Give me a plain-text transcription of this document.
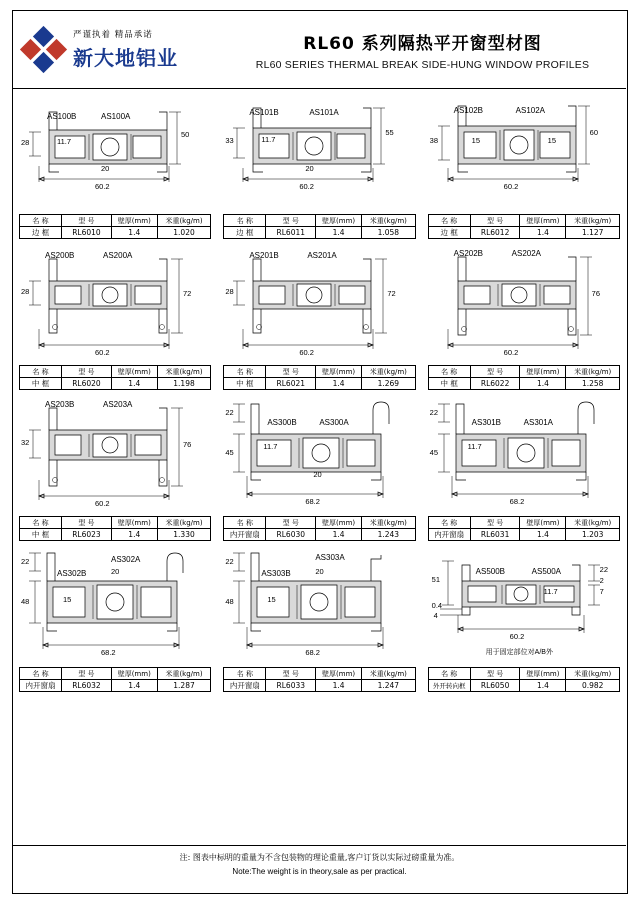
严谨执着 精品承诺
新大地铝业
RL60 系列隔热平开窗型材图
RL60 SERIES THERMAL BREAK SIDE-HUNG WINDOW PROFILES
AS100B	AS100A
28	11.7
20
50
60.2
名 称	型 号	壁厚(mm)	米重(kg/m)
边 框	RL6010	1.4	1.020
AS101B	AS101A
33	11.7
20
55
60.2
名 称	型 号	壁厚(mm)	米重(kg/m)
边 框	RL6011	1.4	1.058
AS102B	AS102A
38	15	15
60
60.2
名 称	型 号	壁厚(mm)	米重(kg/m)
边 框	RL6012	1.4	1.127
AS200B	AS200A
28	72
60.2
名 称	型 号	壁厚(mm)	米重(kg/m)
中 框	RL6020	1.4	1.198
AS201B	AS201A
28	72
60.2
名 称	型 号	壁厚(mm)	米重(kg/m)
中 框	RL6021	1.4	1.269
AS202B	AS202A
76
60.2
名 称	型 号	壁厚(mm)	米重(kg/m)
中 框	RL6022	1.4	1.258
AS203B	AS203A
32	76
60.2
名 称	型 号	壁厚(mm)	米重(kg/m)
中 框	RL6023	1.4	1.330
AS300B	AS300A
22
45
11.7
20
68.2
名 称	型 号	壁厚(mm)	米重(kg/m)
内开窗扇	RL6030	1.4	1.243
AS301B	AS301A
22
45
11.7
68.2
名 称	型 号	壁厚(mm)	米重(kg/m)
内开窗扇	RL6031	1.4	1.203
AS302B
AS302A
22
48	15
20
68.2
名 称	型 号	壁厚(mm)	米重(kg/m)
内开窗扇	RL6032	1.4	1.287
AS303B
AS303A
22
48	15
20
68.2
名 称	型 号	壁厚(mm)	米重(kg/m)
内开窗扇	RL6033	1.4	1.247
AS500B	AS500A
51
0.4
4
11.7
22
7
2
60.2
用于固定部位对A/B外
名 称	型 号	壁厚(mm)	米重(kg/m)
外开转向框	RL6050	1.4	0.982
注: 图表中标明的重量为不含包装物的理论重量,客户订货以实际过磅重量为准。
Note:The weight is in theory,sale as per practical.
